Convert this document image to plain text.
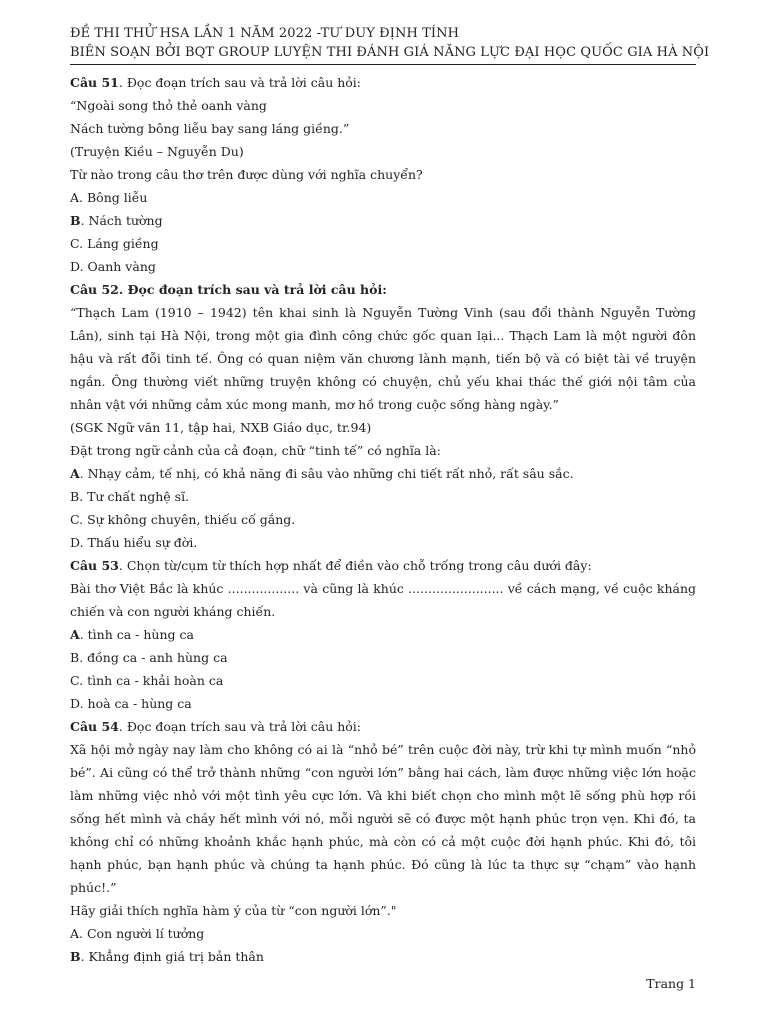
ĐỀ THI THỬ HSA LẦN 1 NĂM 2022 -TƯ DUY ĐỊNH TÍNH
BIÊN SOẠN BỞI BQT GROUP LUYỆN THI ĐÁNH GIÁ NĂNG LỰC ĐẠI HỌC QUỐC GIA HÀ NỘI
Câu 51. Đọc đoạn trích sau và trả lời câu hỏi:
“Ngoài song thỏ thẻ oanh vàng
Nách tường bông liễu bay sang láng giềng.”
(Truyện Kiều – Nguyễn Du)
Từ nào trong câu thơ trên được dùng với nghĩa chuyển?
A. Bông liễu
B. Nách tường
C. Láng giềng
D. Oanh vàng
Câu 52. Đọc đoạn trích sau và trả lời câu hỏi:
“Thạch Lam (1910 – 1942) tên khai sinh là Nguyễn Tường Vinh (sau đổi thành Nguyễn Tường Lân), sinh tại Hà Nội, trong một gia đình công chức gốc quan lại... Thạch Lam là một người đôn hậu và rất đỗi tinh tế. Ông có quan niệm văn chương lành mạnh, tiến bộ và có biệt tài về truyện ngắn. Ông thường viết những truyện không có chuyện, chủ yếu khai thác thế giới nội tâm của nhân vật với những cảm xúc mong manh, mơ hồ trong cuộc sống hàng ngày.”
(SGK Ngữ văn 11, tập hai, NXB Giáo dục, tr.94)
Đặt trong ngữ cảnh của cả đoạn, chữ “tinh tế” có nghĩa là:
A. Nhạy cảm, tế nhị, có khả năng đi sâu vào những chi tiết rất nhỏ, rất sâu sắc.
B. Tư chất nghệ sĩ.
C. Sự không chuyên, thiếu cố gắng.
D. Thấu hiểu sự đời.
Câu 53. Chọn từ/cụm từ thích hợp nhất để điền vào chỗ trống trong câu dưới đây:
Bài thơ Việt Bắc là khúc .................. và cũng là khúc ........................ về cách mạng, về cuộc kháng chiến và con người kháng chiến.
A. tình ca - hùng ca
B. đồng ca - anh hùng ca
C. tình ca - khải hoàn ca
D. hoà ca - hùng ca
Câu 54. Đọc đoạn trích sau và trả lời câu hỏi:
Xã hội mở ngày nay làm cho không có ai là “nhỏ bé” trên cuộc đời này, trừ khi tự mình muốn “nhỏ bé”. Ai cũng có thể trở thành những “con người lớn” bằng hai cách, làm được những việc lớn hoặc làm những việc nhỏ với một tình yêu cực lớn. Và khi biết chọn cho mình một lẽ sống phù hợp rồi sống hết mình và cháy hết mình với nó, mỗi người sẽ có được một hạnh phúc trọn vẹn. Khi đó, ta không chỉ có những khoảnh khắc hạnh phúc, mà còn có cả một cuộc đời hạnh phúc. Khi đó, tôi hạnh phúc, bạn hạnh phúc và chúng ta hạnh phúc. Đó cũng là lúc ta thực sự “chạm” vào hạnh phúc!.”
Hãy giải thích nghĩa hàm ý của từ “con người lớn”."
A. Con người lí tưởng
B. Khẳng định giá trị bản thân
Trang 1
